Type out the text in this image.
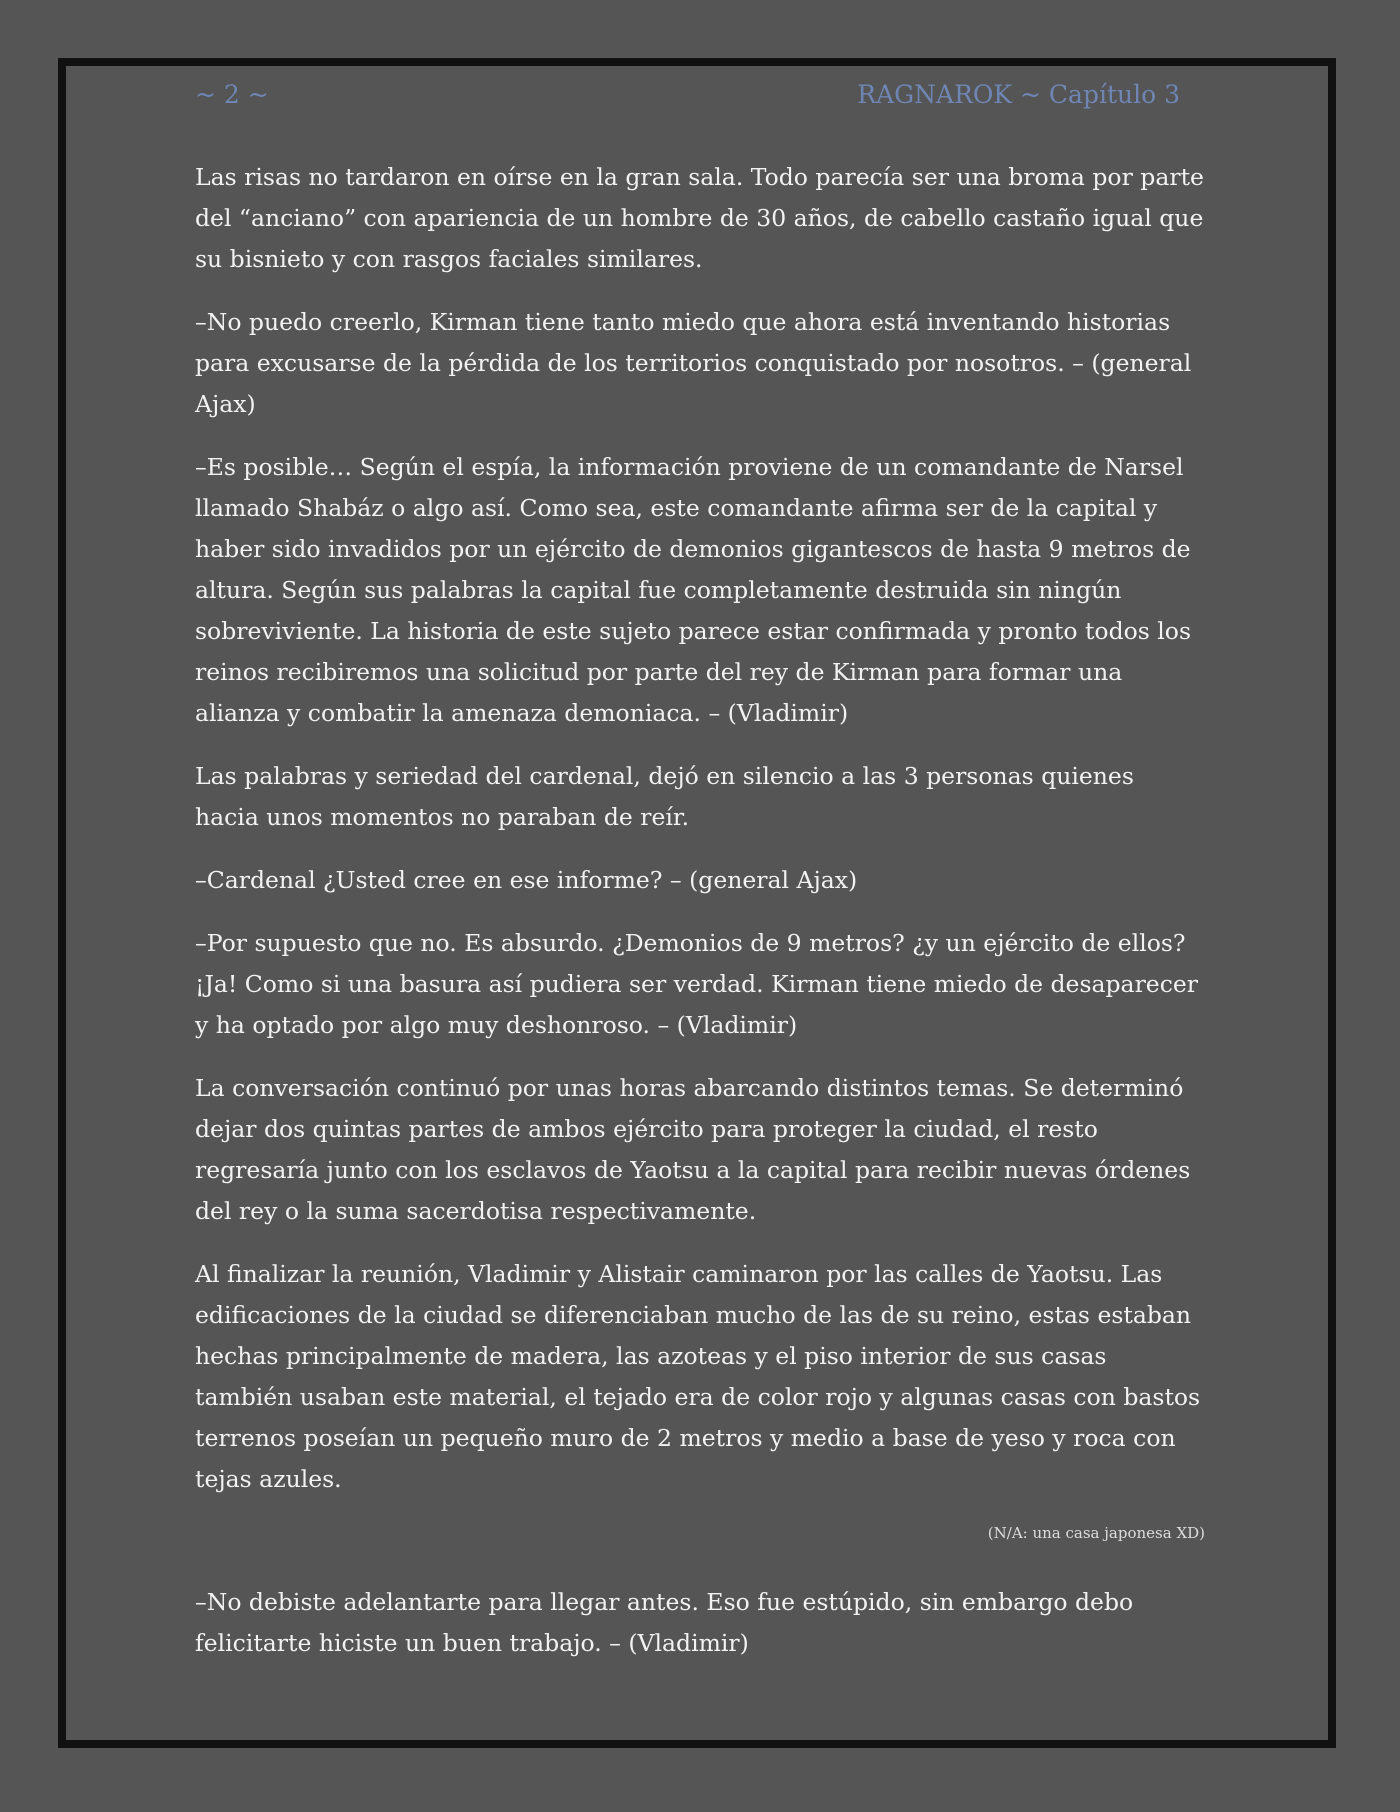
~ 2 ~	RAGNAROK ~ Capítulo 3

Las risas no tardaron en oírse en la gran sala. Todo parecía ser una broma por parte del “anciano” con apariencia de un hombre de 30 años, de cabello castaño igual que su bisnieto y con rasgos faciales similares.

–No puedo creerlo, Kirman tiene tanto miedo que ahora está inventando historias para excusarse de la pérdida de los territorios conquistado por nosotros. – (general Ajax)

–Es posible… Según el espía, la información proviene de un comandante de Narsel llamado Shabáz o algo así. Como sea, este comandante afirma ser de la capital y haber sido invadidos por un ejército de demonios gigantescos de hasta 9 metros de altura. Según sus palabras la capital fue completamente destruida sin ningún sobreviviente. La historia de este sujeto parece estar confirmada y pronto todos los reinos recibiremos una solicitud por parte del rey de Kirman para formar una alianza y combatir la amenaza demoniaca. – (Vladimir)

Las palabras y seriedad del cardenal, dejó en silencio a las 3 personas quienes hacia unos momentos no paraban de reír.

–Cardenal ¿Usted cree en ese informe? – (general Ajax)

–Por supuesto que no. Es absurdo. ¿Demonios de 9 metros? ¿y un ejército de ellos? ¡Ja! Como si una basura así pudiera ser verdad. Kirman tiene miedo de desaparecer y ha optado por algo muy deshonroso. – (Vladimir)

La conversación continuó por unas horas abarcando distintos temas. Se determinó dejar dos quintas partes de ambos ejército para proteger la ciudad, el resto regresaría junto con los esclavos de Yaotsu a la capital para recibir nuevas órdenes del rey o la suma sacerdotisa respectivamente.

Al finalizar la reunión, Vladimir y Alistair caminaron por las calles de Yaotsu. Las edificaciones de la ciudad se diferenciaban mucho de las de su reino, estas estaban hechas principalmente de madera, las azoteas y el piso interior de sus casas también usaban este material, el tejado era de color rojo y algunas casas con bastos terrenos poseían un pequeño muro de 2 metros y medio a base de yeso y roca con tejas azules.

(N/A: una casa japonesa XD)

–No debiste adelantarte para llegar antes. Eso fue estúpido, sin embargo debo felicitarte hiciste un buen trabajo. – (Vladimir)
